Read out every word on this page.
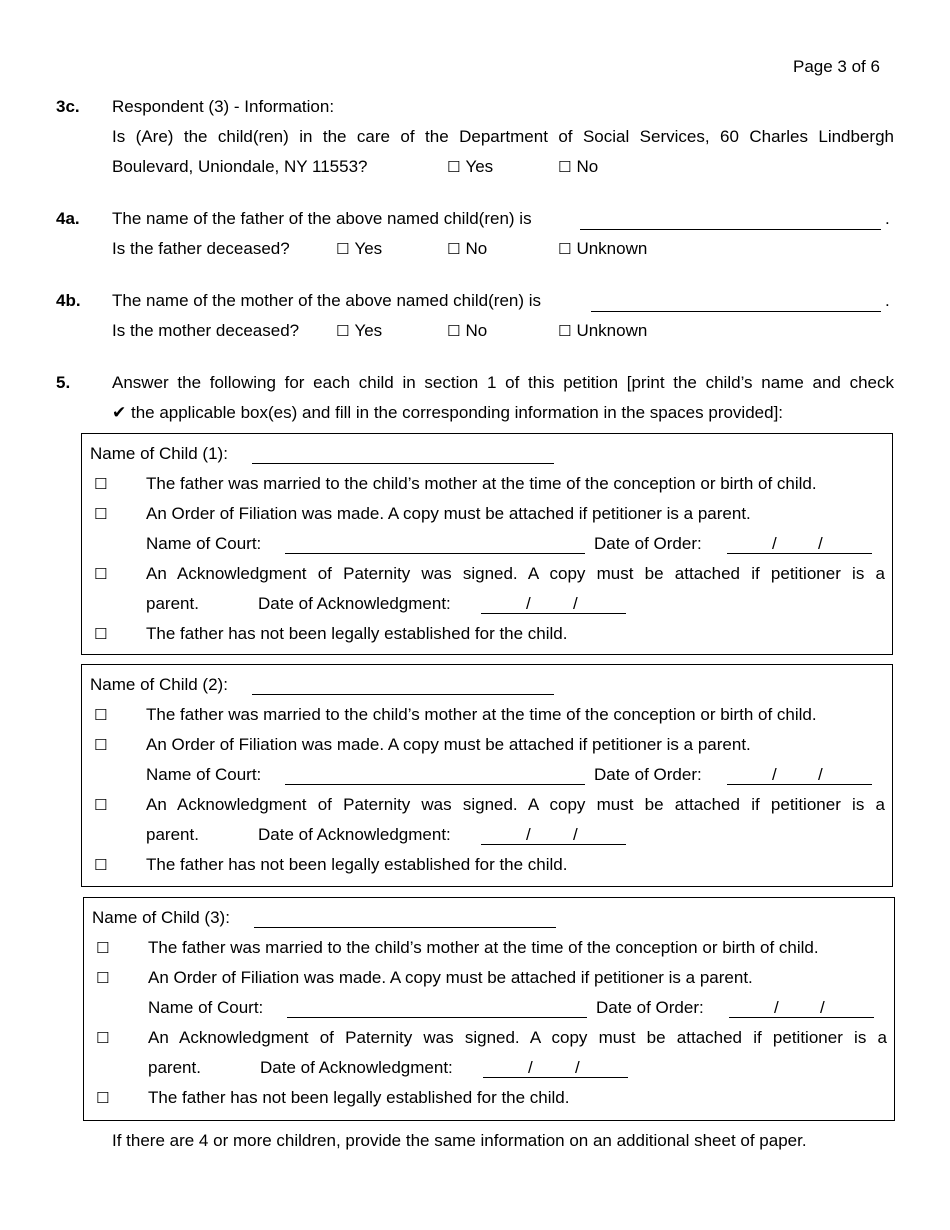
Page 3 of 6
3c. Respondent (3) - Information:
Is (Are) the child(ren) in the care of the Department of Social Services, 60 Charles Lindbergh
Boulevard, Uniondale, NY 11553?	☐ Yes	☐ No
4a. The name of the father of the above named child(ren) is	.
Is the father deceased?	☐ Yes	☐ No	☐ Unknown
4b. The name of the mother of the above named child(ren) is	.
Is the mother deceased? ☐ Yes	☐ No	☐ Unknown
5. Answer the following for each child in section 1 of this petition [print the child’s name and check
✔ the applicable box(es) and fill in the corresponding information in the spaces provided]:
Name of Child (1):
☐ The father was married to the child’s mother at the time of the conception or birth of child.
☐ An Order of Filiation was made. A copy must be attached if petitioner is a parent.
Name of Court:	Date of Order:	/ /
☐ An Acknowledgment of Paternity was signed. A copy must be attached if petitioner is a
parent.	Date of Acknowledgment:	/ /
☐ The father has not been legally established for the child.
Name of Child (2):
☐ The father was married to the child’s mother at the time of the conception or birth of child.
☐ An Order of Filiation was made. A copy must be attached if petitioner is a parent.
Name of Court:	Date of Order:	/ /
☐ An Acknowledgment of Paternity was signed. A copy must be attached if petitioner is a
parent.	Date of Acknowledgment:	/ /
☐ The father has not been legally established for the child.
Name of Child (3):
☐ The father was married to the child’s mother at the time of the conception or birth of child.
☐ An Order of Filiation was made. A copy must be attached if petitioner is a parent.
Name of Court:	Date of Order:	/ /
☐ An Acknowledgment of Paternity was signed. A copy must be attached if petitioner is a
parent.	Date of Acknowledgment:	/ /
☐ The father has not been legally established for the child.
If there are 4 or more children, provide the same information on an additional sheet of paper.
